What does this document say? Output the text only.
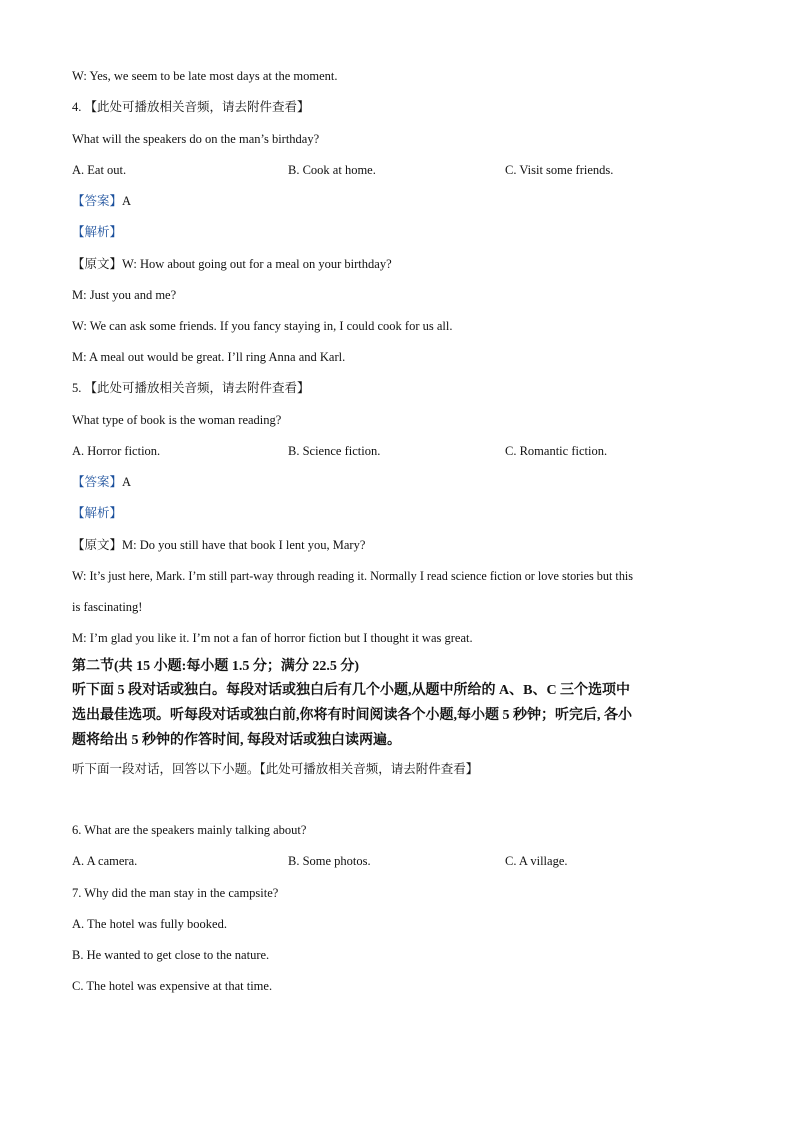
W: Yes, we seem to be late most days at the moment.
4. 【此处可播放相关音频，请去附件查看】
What will the speakers do on the man’s birthday?
A. Eat out.	B. Cook at home.	C. Visit some friends.
【答案】A
【解析】
【原文】W: How about going out for a meal on your birthday?
M: Just you and me?
W: We can ask some friends. If you fancy staying in, I could cook for us all.
M: A meal out would be great. I’ll ring Anna and Karl.
5. 【此处可播放相关音频，请去附件查看】
What type of book is the woman reading?
A. Horror fiction.	B. Science fiction.	C. Romantic fiction.
【答案】A
【解析】
【原文】M: Do you still have that book I lent you, Mary?
W: It’s just here, Mark. I’m still part-way through reading it. Normally I read science fiction or love stories but this
is fascinating!
M: I’m glad you like it. I’m not a fan of horror fiction but I thought it was great.
第二节(共 15 小题:每小题 1.5 分；满分 22.5 分)
听下面 5 段对话或独白。每段对话或独白后有几个小题,从题中所给的 A、B、C 三个选项中
选出最佳选项。听每段对话或独白前,你将有时间阅读各个小题,每小题 5 秒钟；听完后, 各小
题将给出 5 秒钟的作答时间, 每段对话或独白读两遍。
听下面一段对话，回答以下小题。【此处可播放相关音频，请去附件查看】
6. What are the speakers mainly talking about?
A. A camera.	B. Some photos.	C. A village.
7. Why did the man stay in the campsite?
A. The hotel was fully booked.
B. He wanted to get close to the nature.
C. The hotel was expensive at that time.
